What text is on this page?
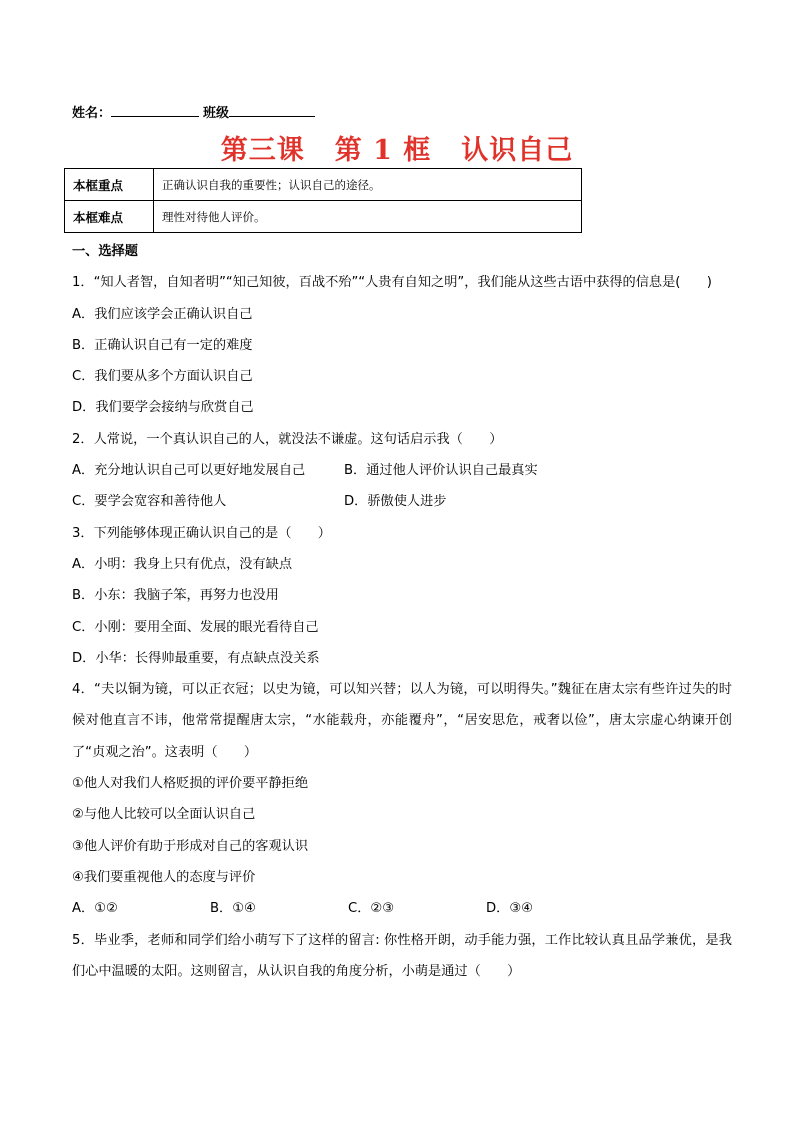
姓名：	班级
第三课 第 1 框 认识自己
本框重点	正确认识自我的重要性；认识自己的途径。
本框难点	理性对待他人评价。
一、选择题
1．“知人者智，自知者明”“知己知彼，百战不殆”“人贵有自知之明”，我们能从这些古语中获得的信息是(　　)
A．我们应该学会正确认识自己
B．正确认识自己有一定的难度
C．我们要从多个方面认识自己
D．我们要学会接纳与欣赏自己
2．人常说，一个真认识自己的人，就没法不谦虚。这句话启示我（　　）
A．充分地认识自己可以更好地发展自己	B．通过他人评价认识自己最真实
C．要学会宽容和善待他人	D．骄傲使人进步
3．下列能够体现正确认识自己的是（　　）
A．小明：我身上只有优点，没有缺点
B．小东：我脑子笨，再努力也没用
C．小刚：要用全面、发展的眼光看待自己
D．小华：长得帅最重要，有点缺点没关系
4．“夫以铜为镜，可以正衣冠；以史为镜，可以知兴替；以人为镜，可以明得失。”魏征在唐太宗有些许过失的时候对他直言不讳，他常常提醒唐太宗，“水能载舟，亦能覆舟”，“居安思危，戒奢以俭”，唐太宗虚心纳谏开创了“贞观之治”。这表明（　　）
①他人对我们人格贬损的评价要平静拒绝
②与他人比较可以全面认识自己
③他人评价有助于形成对自己的客观认识
④我们要重视他人的态度与评价
A．①②	B．①④	C．②③	D．③④
5．毕业季，老师和同学们给小萌写下了这样的留言: 你性格开朗，动手能力强，工作比较认真且品学兼优，是我们心中温暖的太阳。这则留言，从认识自我的角度分析，小萌是通过（　　）
